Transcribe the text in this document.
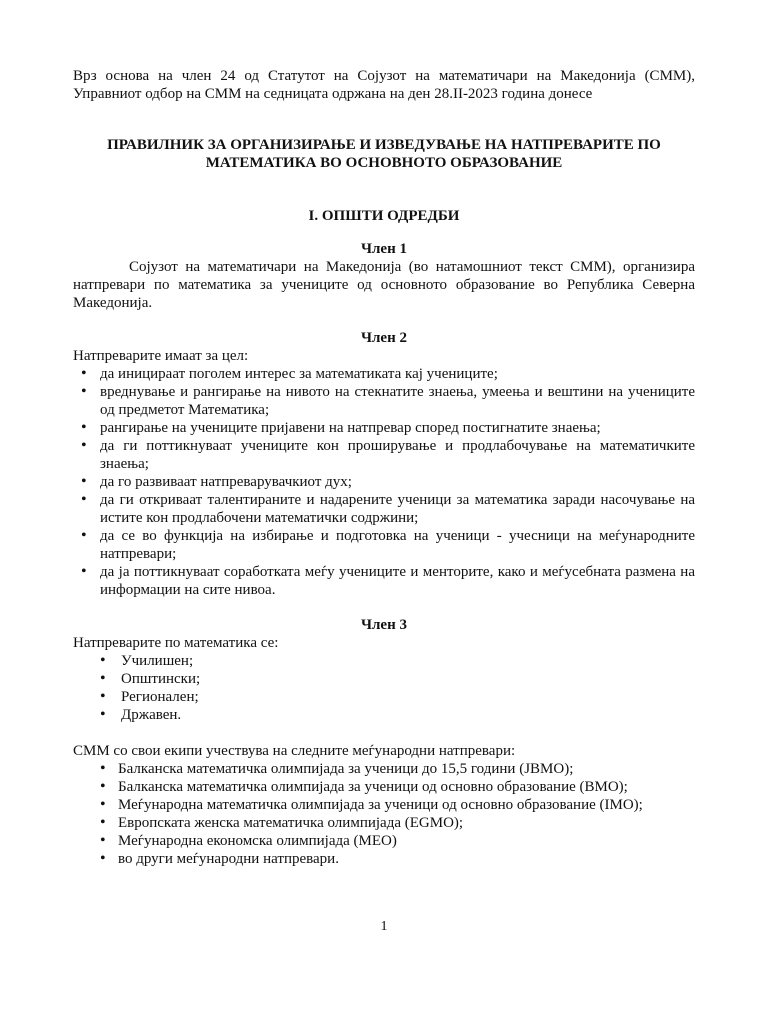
Врз основа на член 24 од Статутот на Сојузот на математичари на Македонија (СММ),
Управниот одбор на СММ на седницата одржана на ден 28.II-2023 година донесе
ПРАВИЛНИК ЗА ОРГАНИЗИРАЊЕ И ИЗВЕДУВАЊЕ НА НАТПРЕВАРИТЕ ПО
МАТЕМАТИКА ВО ОСНОВНОТО ОБРАЗОВАНИЕ
I. ОПШТИ ОДРЕДБИ
Член 1

Сојузот на математичари на Македонија (во натамошниот текст СММ), организира натпревари по математика за учениците од основното образование во Република Северна Македонија.

Член 2

Натпреварите имаат за цел:

• да иницираат поголем интерес за математиката кај учениците;
• вреднување и рангирање на нивото на стекнатите знаења, умеења и вештини на учениците од предметот Математика;
• рангирање на учениците пријавени на натпревар според постигнатите знаења;
• да ги поттикнуваат учениците кон проширување и продлабочување на математичките знаења;
• да го развиваат натпреварувачкиот дух;
• да ги откриваат талентираните и надарените ученици за математика заради насочување на истите кон продлабочени математички содржини;
• да се во функција на избирање и подготовка на ученици - учесници на меѓународните натпревари;
• да ја поттикнуваат соработката меѓу учениците и менторите, како и меѓусебната размена на информации на сите нивоа.
Член 3

Натпреварите по математика се:

• Училишен;
• Општински;
• Регионален;
• Државен.

СММ со свои екипи учествува на следните меѓународни натпревари:

• Балканска математичка олимпијада за ученици до 15,5 години (JBMO);
• Балканска математичка олимпијада за ученици од основно образование (BMO);
• Меѓународна математичка олимпијада за ученици од основно образование (IMO);
• Европската женска математичка олимпијада (EGMO);
• Меѓународна економска олимпијада (МЕО)
• во други меѓународни натпревари.
1
